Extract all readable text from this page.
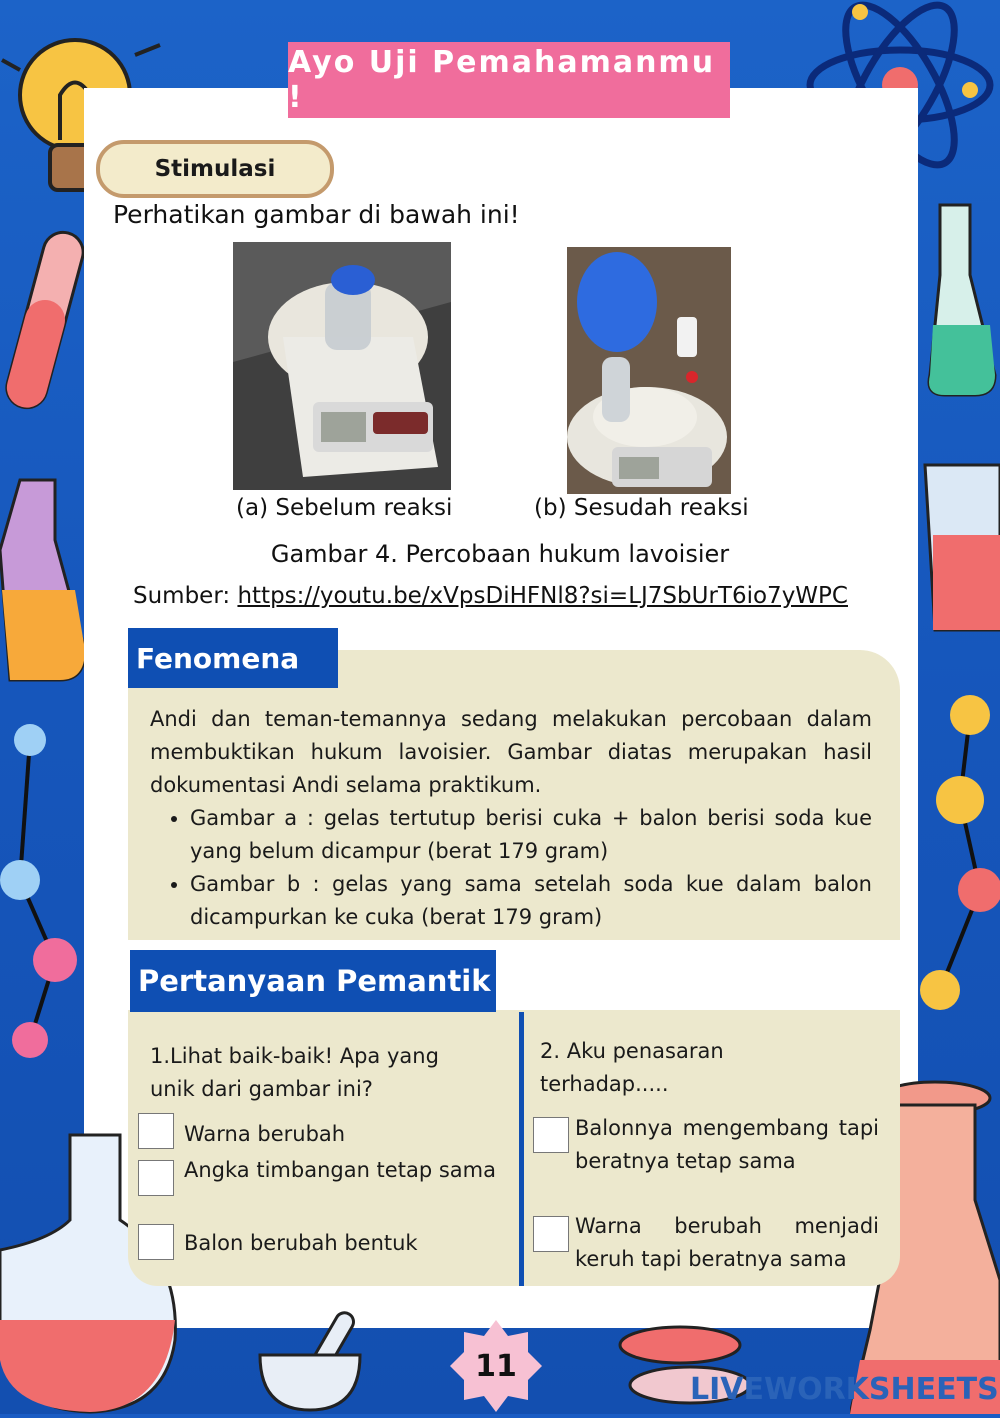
Ayo Uji Pemahamanmu !
Stimulasi
Perhatikan gambar di bawah ini!
(a) Sebelum reaksi	(b) Sesudah reaksi
Gambar 4. Percobaan hukum lavoisier
Sumber: https://youtu.be/xVpsDiHFNl8?si=LJ7SbUrT6io7yWPC
Fenomena
Andi dan teman-temannya sedang melakukan percobaan dalam membuktikan hukum lavoisier. Gambar diatas merupakan hasil dokumentasi Andi selama praktikum.
• Gambar a : gelas tertutup berisi cuka + balon berisi soda kue yang belum dicampur (berat 179 gram)
• Gambar b : gelas yang sama setelah soda kue dalam balon dicampurkan ke cuka (berat 179 gram)
Pertanyaan Pemantik
1.Lihat baik-baik! Apa yang unik dari gambar ini?
Warna berubah
Angka timbangan tetap sama
Balon berubah bentuk
2. Aku penasaran terhadap.....
Balonnya mengembang tapi beratnya tetap sama
Warna berubah menjadi keruh tapi beratnya sama
11
LIVEWORKSHEETS
